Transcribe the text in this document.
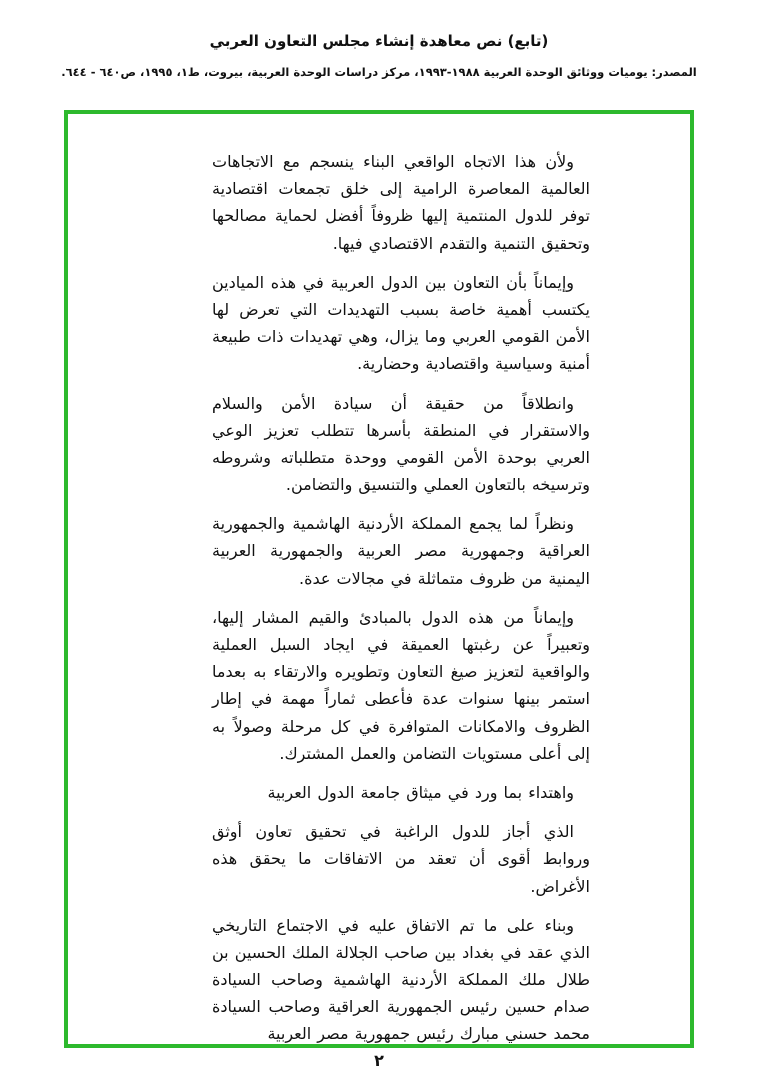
(تابع) نص معاهدة إنشاء مجلس التعاون العربي
المصدر: يوميات ووثائق الوحدة العربية ١٩٨٨-١٩٩٣، مركز دراسات الوحدة العربية، بيروت، ط١، ١٩٩٥، ص٦٤٠ - ٦٤٤.

ولأن هذا الاتجاه الواقعي البناء ينسجم مع الاتجاهات العالمية المعاصرة الرامية إلى خلق تجمعات اقتصادية توفر للدول المنتمية إليها ظروفاً أفضل لحماية مصالحها وتحقيق التنمية والتقدم الاقتصادي فيها.

وإيماناً بأن التعاون بين الدول العربية في هذه الميادين يكتسب أهمية خاصة بسبب التهديدات التي تعرض لها الأمن القومي العربي وما يزال، وهي تهديدات ذات طبيعة أمنية وسياسية واقتصادية وحضارية.

وانطلاقاً من حقيقة أن سيادة الأمن والسلام والاستقرار في المنطقة بأسرها تتطلب تعزيز الوعي العربي بوحدة الأمن القومي ووحدة متطلباته وشروطه وترسيخه بالتعاون العملي والتنسيق والتضامن.

ونظراً لما يجمع المملكة الأردنية الهاشمية والجمهورية العراقية وجمهورية مصر العربية والجمهورية العربية اليمنية من ظروف متماثلة في مجالات عدة.

وإيماناً من هذه الدول بالمبادئ والقيم المشار إليها، وتعبيراً عن رغبتها العميقة في ايجاد السبل العملية والواقعية لتعزيز صيغ التعاون وتطويره والارتقاء به بعدما استمر بينها سنوات عدة فأعطى ثماراً مهمة في إطار الظروف والامكانات المتوافرة في كل مرحلة وصولاً به إلى أعلى مستويات التضامن والعمل المشترك.

واهتداء بما ورد في ميثاق جامعة الدول العربية

الذي أجاز للدول الراغبة في تحقيق تعاون أوثق وروابط أقوى أن تعقد من الاتفاقات ما يحقق هذه الأغراض.

وبناء على ما تم الاتفاق عليه في الاجتماع التاريخي الذي عقد في بغداد بين صاحب الجلالة الملك الحسين بن طلال ملك المملكة الأردنية الهاشمية وصاحب السيادة صدام حسين رئيس الجمهورية العراقية وصاحب السيادة محمد حسني مبارك رئيس جمهورية مصر العربية

٢
